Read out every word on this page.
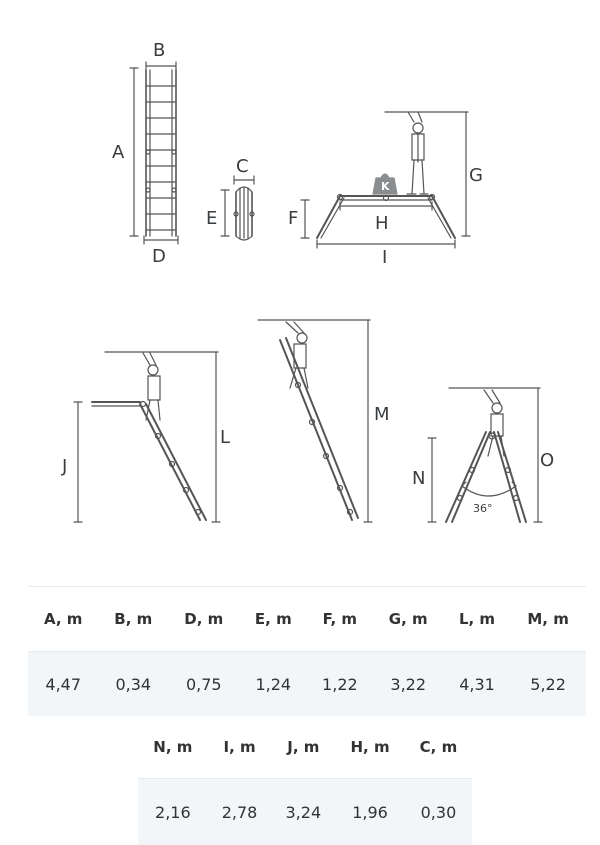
A
B
D
C
E	F
G
H
I
K
J
L
M
N
O
36°
A, m	B, m	D, m	E, m	F, m	G, m	L, m	M, m
4,47	0,34	0,75	1,24	1,22	3,22	4,31	5,22
N, m	I, m	J, m	H, m	C, m
2,16	2,78	3,24	1,96	0,30
